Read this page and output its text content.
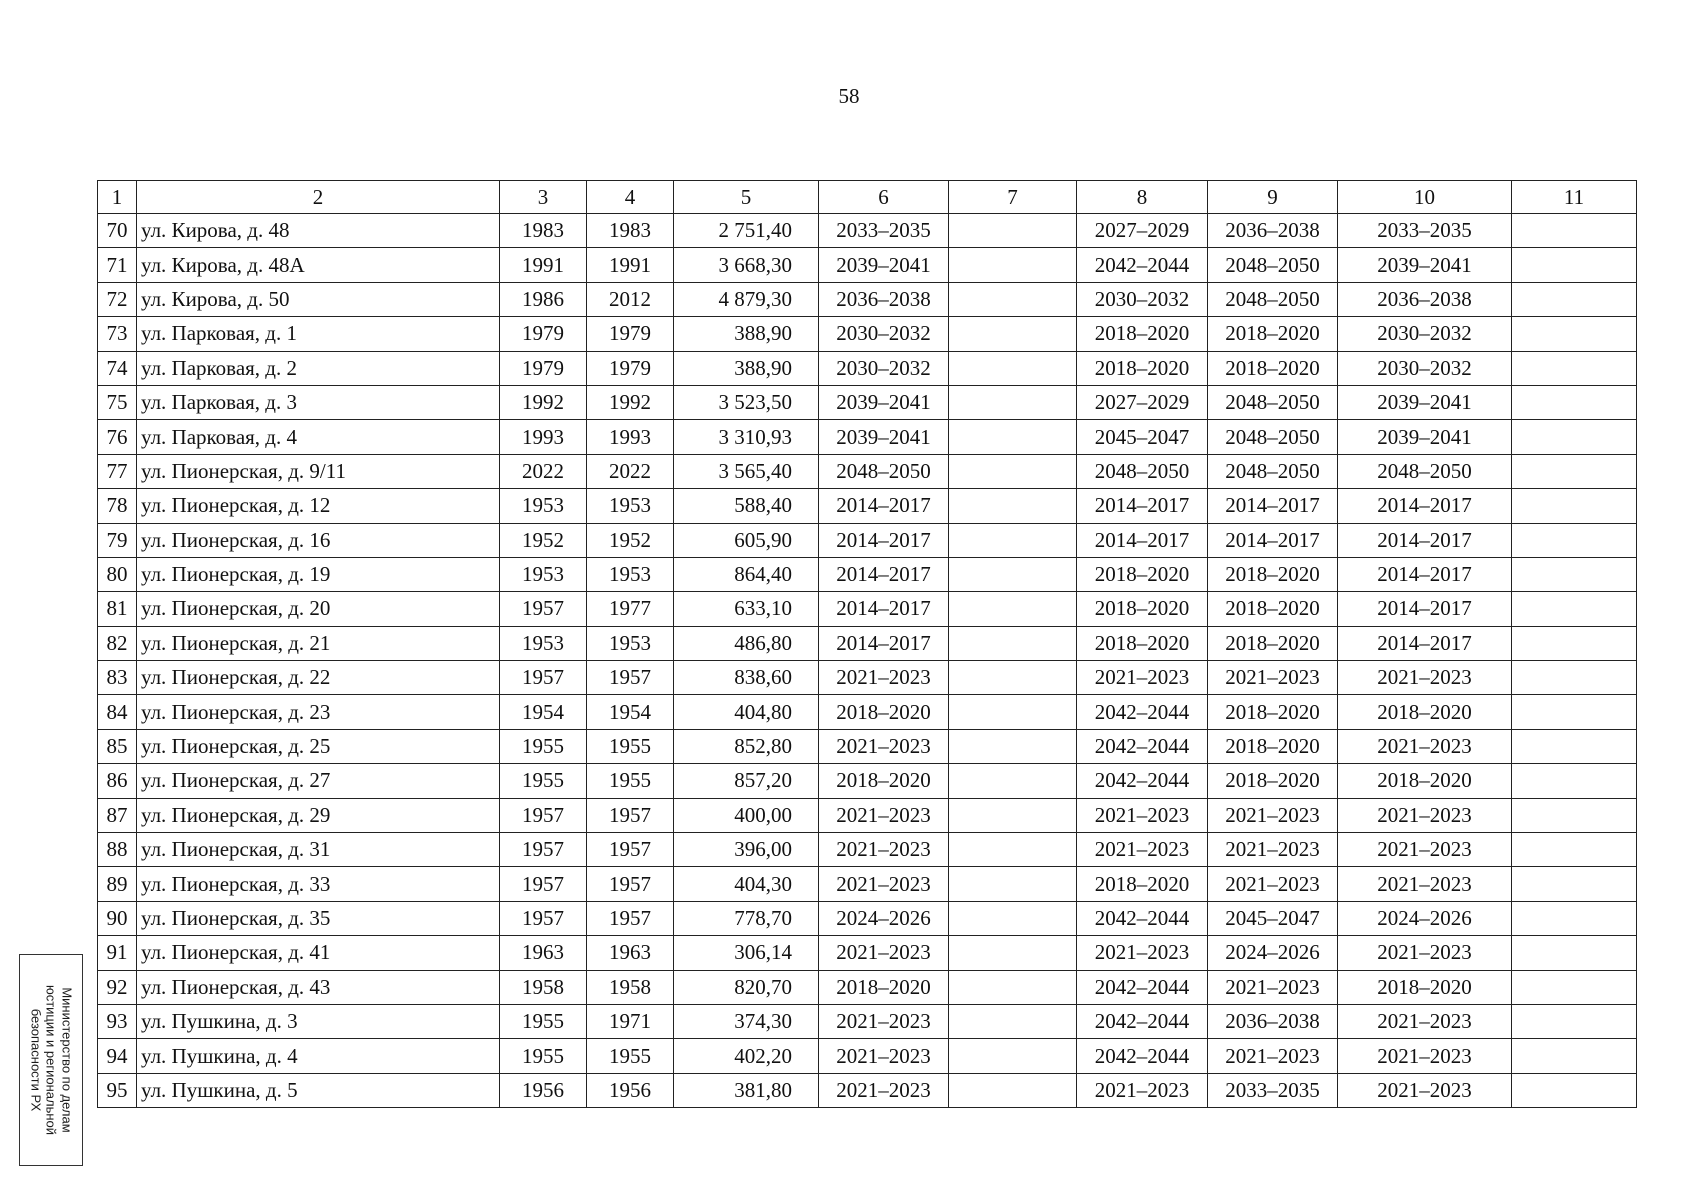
58
1	2	3	4	5	6	7	8	9	10	11
70	ул. Кирова, д. 48	1983	1983	2 751,40	2033–2035		2027–2029	2036–2038	2033–2035	
71	ул. Кирова, д. 48А	1991	1991	3 668,30	2039–2041		2042–2044	2048–2050	2039–2041	
72	ул. Кирова, д. 50	1986	2012	4 879,30	2036–2038		2030–2032	2048–2050	2036–2038	
73	ул. Парковая, д. 1	1979	1979	388,90	2030–2032		2018–2020	2018–2020	2030–2032	
74	ул. Парковая, д. 2	1979	1979	388,90	2030–2032		2018–2020	2018–2020	2030–2032	
75	ул. Парковая, д. 3	1992	1992	3 523,50	2039–2041		2027–2029	2048–2050	2039–2041	
76	ул. Парковая, д. 4	1993	1993	3 310,93	2039–2041		2045–2047	2048–2050	2039–2041	
77	ул. Пионерская, д. 9/11	2022	2022	3 565,40	2048–2050		2048–2050	2048–2050	2048–2050	
78	ул. Пионерская, д. 12	1953	1953	588,40	2014–2017		2014–2017	2014–2017	2014–2017	
79	ул. Пионерская, д. 16	1952	1952	605,90	2014–2017		2014–2017	2014–2017	2014–2017	
80	ул. Пионерская, д. 19	1953	1953	864,40	2014–2017		2018–2020	2018–2020	2014–2017	
81	ул. Пионерская, д. 20	1957	1977	633,10	2014–2017		2018–2020	2018–2020	2014–2017	
82	ул. Пионерская, д. 21	1953	1953	486,80	2014–2017		2018–2020	2018–2020	2014–2017	
83	ул. Пионерская, д. 22	1957	1957	838,60	2021–2023		2021–2023	2021–2023	2021–2023	
84	ул. Пионерская, д. 23	1954	1954	404,80	2018–2020		2042–2044	2018–2020	2018–2020	
85	ул. Пионерская, д. 25	1955	1955	852,80	2021–2023		2042–2044	2018–2020	2021–2023	
86	ул. Пионерская, д. 27	1955	1955	857,20	2018–2020		2042–2044	2018–2020	2018–2020	
87	ул. Пионерская, д. 29	1957	1957	400,00	2021–2023		2021–2023	2021–2023	2021–2023	
88	ул. Пионерская, д. 31	1957	1957	396,00	2021–2023		2021–2023	2021–2023	2021–2023	
89	ул. Пионерская, д. 33	1957	1957	404,30	2021–2023		2018–2020	2021–2023	2021–2023	
90	ул. Пионерская, д. 35	1957	1957	778,70	2024–2026		2042–2044	2045–2047	2024–2026	
91	ул. Пионерская, д. 41	1963	1963	306,14	2021–2023		2021–2023	2024–2026	2021–2023	
92	ул. Пионерская, д. 43	1958	1958	820,70	2018–2020		2042–2044	2021–2023	2018–2020	
93	ул. Пушкина, д. 3	1955	1971	374,30	2021–2023		2042–2044	2036–2038	2021–2023	
94	ул. Пушкина, д. 4	1955	1955	402,20	2021–2023		2042–2044	2021–2023	2021–2023	
95	ул. Пушкина, д. 5	1956	1956	381,80	2021–2023		2021–2023	2033–2035	2021–2023	
Министерство по делам
юстиции и региональной
безопасности РХ
